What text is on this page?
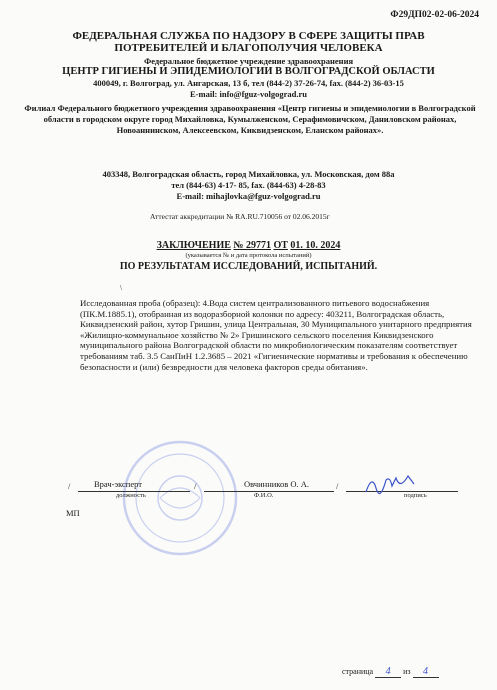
Ф29ДП02-02-06-2024
ФЕДЕРАЛЬНАЯ СЛУЖБА ПО НАДЗОРУ В СФЕРЕ ЗАЩИТЫ ПРАВ
ПОТРЕБИТЕЛЕЙ И БЛАГОПОЛУЧИЯ ЧЕЛОВЕКА
Федеральное бюджетное учреждение здравоохранения
ЦЕНТР ГИГИЕНЫ И ЭПИДЕМИОЛОГИИ В ВОЛГОГРАДСКОЙ ОБЛАСТИ
400049, г. Волгоград, ул. Ангарская, 13 б, тел (844-2) 37-26-74, fax. (844-2) 36-03-15
E-mail: info@fguz-volgograd.ru
Филиал Федерального бюджетного учреждения здравоохранения «Центр гигиены и эпидемиологии в Волгоградской области в городском округе город Михайловка, Кумылженском, Серафимовичском, Даниловском районах, Новоаннинском, Алексеевском, Киквидзенском, Еланском районах».
403348, Волгоградская область, город Михайловка, ул. Московская, дом 88а
тел (844-63) 4-17- 85, fax. (844-63) 4-28-83
E-mail: mihajlovka@fguz-volgograd.ru
Аттестат аккредитации № RA.RU.710056 от 02.06.2015г
ЗАКЛЮЧЕНИЕ № 29771 ОТ 01. 10. 2024
(указывается № и дата протокола испытаний)
ПО РЕЗУЛЬТАТАМ ИССЛЕДОВАНИЙ, ИСПЫТАНИЙ.
\
Исследованная проба (образец): 4.Вода систем централизованного питьевого водоснабжения (ПК.М.1885.1), отобранная из водоразборной колонки по адресу: 403211, Волгоградская область, Киквидзенский район, хутор Гришин, улица Центральная, 30 Муниципального унитарного предприятия «Жилищно-коммунальное хозяйство № 2» Гришинского сельского поселения Киквидзенского муниципального района Волгоградской области по микробиологическим показателям соответствует требованиям таб. 3.5 СанПиН 1.2.3685 – 2021 «Гигиенические нормативы и требования к обеспечению безопасности и (или) безвредности для человека факторов среды обитания».
/	Врач-эксперт
должность
/	Овчинников О. А.
Ф.И.О.
/
подпись
МП
страница 4 из 4
